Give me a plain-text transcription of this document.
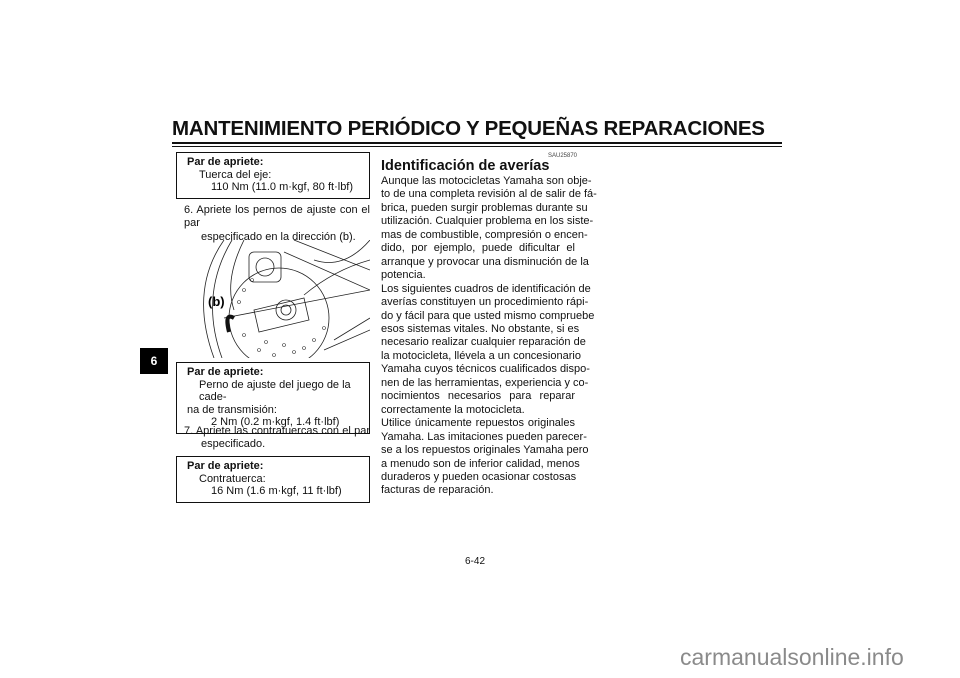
MANTENIMIENTO PERIÓDICO Y PEQUEÑAS REPARACIONES
6
Par de apriete:
Tuerca del eje:
110 Nm (11.0 m·kgf, 80 ft·lbf)
6. Apriete los pernos de ajuste con el par
especificado en la dirección (b).
(b)
Par de apriete:
Perno de ajuste del juego de la cade-
na de transmisión:
2 Nm (0.2 m·kgf, 1.4 ft·lbf)
7. Apriete las contratuercas con el par
especificado.
Par de apriete:
Contratuerca:
16 Nm (1.6 m·kgf, 11 ft·lbf)
SAU25870
Identificación de averías
Aunque las motocicletas Yamaha son obje-
to de una completa revisión al de salir de fá-
brica, pueden surgir problemas durante su
utilización. Cualquier problema en los siste-
mas de combustible, compresión o encen-
dido, por ejemplo, puede dificultar el
arranque y provocar una disminución de la
potencia.
Los siguientes cuadros de identificación de
averías constituyen un procedimiento rápi-
do y fácil para que usted mismo compruebe
esos sistemas vitales. No obstante, si es
necesario realizar cualquier reparación de
la motocicleta, llévela a un concesionario
Yamaha cuyos técnicos cualificados dispo-
nen de las herramientas, experiencia y co-
nocimientos necesarios para reparar
correctamente la motocicleta.
Utilice únicamente repuestos originales
Yamaha. Las imitaciones pueden parecer-
se a los repuestos originales Yamaha pero
a menudo son de inferior calidad, menos
duraderos y pueden ocasionar costosas
facturas de reparación.
6-42
carmanualsonline.info
